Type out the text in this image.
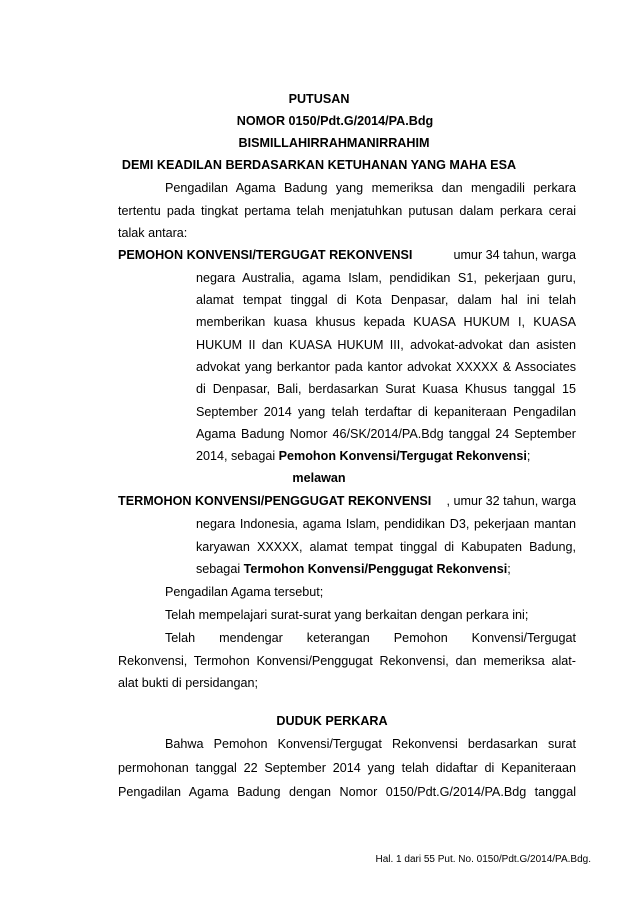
PUTUSAN
NOMOR 0150/Pdt.G/2014/PA.Bdg
BISMILLAHIRRAHMANIRRAHIM
DEMI KEADILAN BERDASARKAN KETUHANAN YANG MAHA ESA
Pengadilan Agama Badung yang memeriksa dan mengadili perkara
tertentu pada tingkat pertama telah menjatuhkan putusan dalam perkara cerai
talak antara:
PEMOHON KONVENSI/TERGUGAT REKONVENSI	umur 34 tahun, warga
negara Australia, agama Islam, pendidikan S1, pekerjaan guru,
alamat tempat tinggal di Kota Denpasar, dalam hal ini telah
memberikan kuasa khusus kepada KUASA HUKUM I, KUASA
HUKUM II dan KUASA HUKUM III, advokat-advokat dan asisten
advokat yang berkantor pada kantor advokat XXXXX & Associates
di Denpasar, Bali, berdasarkan Surat Kuasa Khusus tanggal 15
September 2014 yang telah terdaftar di kepaniteraan Pengadilan
Agama Badung Nomor 46/SK/2014/PA.Bdg tanggal 24 September
2014, sebagai Pemohon Konvensi/Tergugat Rekonvensi;
melawan
TERMOHON KONVENSI/PENGGUGAT REKONVENSI , umur 32 tahun, warga
negara Indonesia, agama Islam, pendidikan D3, pekerjaan mantan
karyawan XXXXX, alamat tempat tinggal di Kabupaten Badung,
sebagai Termohon Konvensi/Penggugat Rekonvensi;
Pengadilan Agama tersebut;
Telah mempelajari surat-surat yang berkaitan dengan perkara ini;
Telah mendengar keterangan Pemohon Konvensi/Tergugat
Rekonvensi, Termohon Konvensi/Penggugat Rekonvensi, dan memeriksa alat-
alat bukti di persidangan;
DUDUK PERKARA
Bahwa Pemohon Konvensi/Tergugat Rekonvensi berdasarkan surat
permohonan tanggal 22 September 2014 yang telah didaftar di Kepaniteraan
Pengadilan Agama Badung dengan Nomor 0150/Pdt.G/2014/PA.Bdg tanggal
Hal. 1 dari 55 Put. No. 0150/Pdt.G/2014/PA.Bdg.
